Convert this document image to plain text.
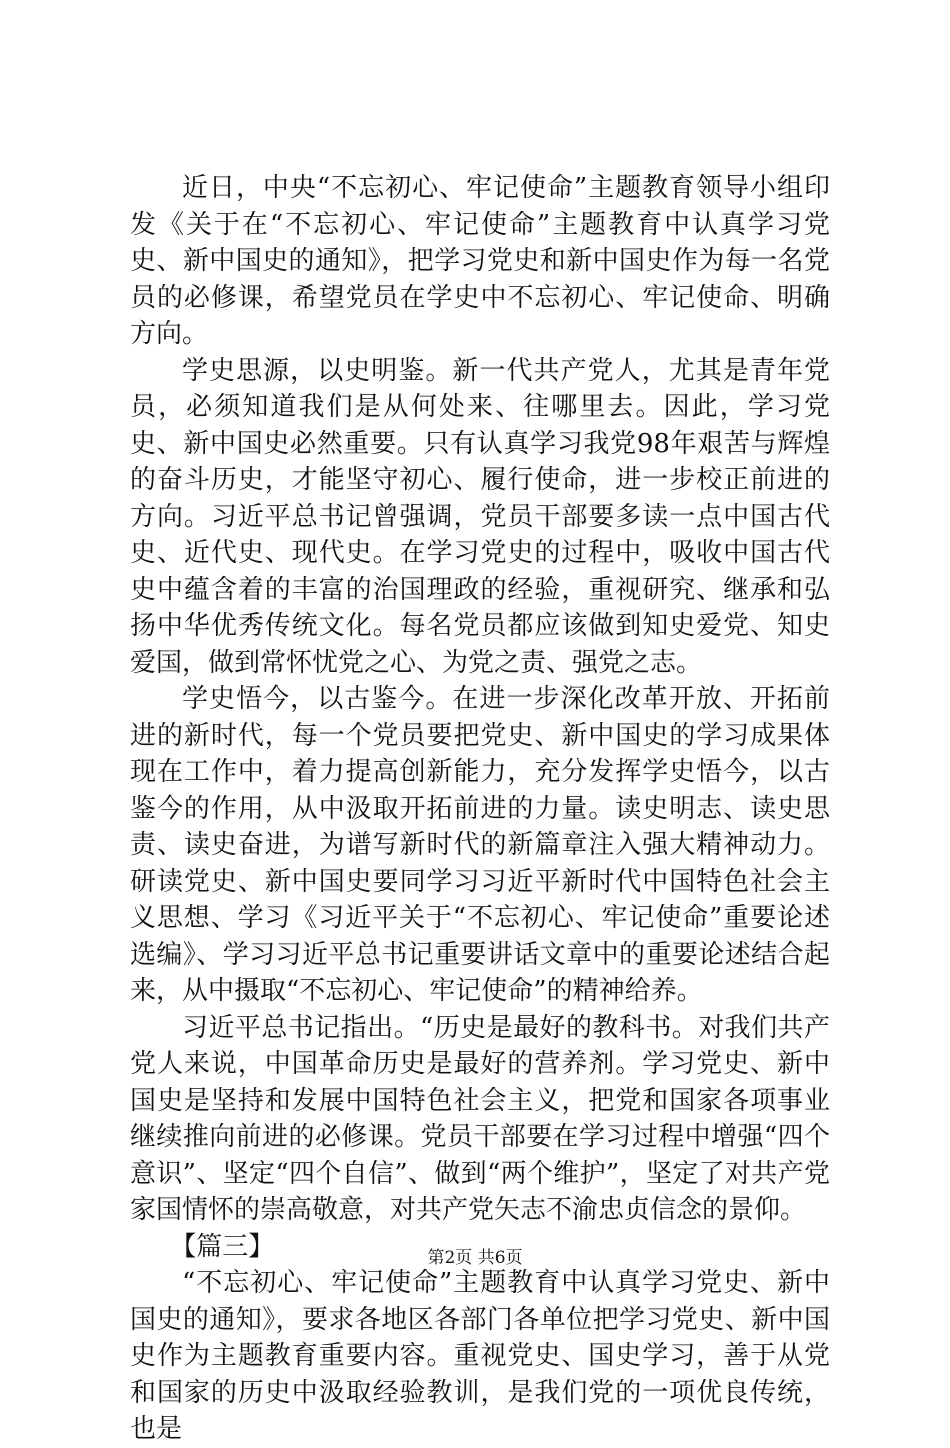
近日，中央“不忘初心、牢记使命”主题教育领导小组印发《关于在“不忘初心、牢记使命”主题教育中认真学习党史、新中国史的通知》，把学习党史和新中国史作为每一名党员的必修课，希望党员在学史中不忘初心、牢记使命、明确方向。

学史思源，以史明鉴。新一代共产党人，尤其是青年党员，必须知道我们是从何处来、往哪里去。因此，学习党史、新中国史必然重要。只有认真学习我党98年艰苦与辉煌的奋斗历史，才能坚守初心、履行使命，进一步校正前进的方向。习近平总书记曾强调，党员干部要多读一点中国古代史、近代史、现代史。在学习党史的过程中，吸收中国古代史中蕴含着的丰富的治国理政的经验，重视研究、继承和弘扬中华优秀传统文化。每名党员都应该做到知史爱党、知史爱国，做到常怀忧党之心、为党之责、强党之志。

学史悟今，以古鉴今。在进一步深化改革开放、开拓前进的新时代，每一个党员要把党史、新中国史的学习成果体现在工作中，着力提高创新能力，充分发挥学史悟今，以古鉴今的作用，从中汲取开拓前进的力量。读史明志、读史思责、读史奋进，为谱写新时代的新篇章注入强大精神动力。研读党史、新中国史要同学习习近平新时代中国特色社会主义思想、学习《习近平关于“不忘初心、牢记使命”重要论述选编》、学习习近平总书记重要讲话文章中的重要论述结合起来，从中摄取“不忘初心、牢记使命”的精神给养。

习近平总书记指出。“历史是最好的教科书。对我们共产党人来说，中国革命历史是最好的营养剂。学习党史、新中国史是坚持和发展中国特色社会主义，把党和国家各项事业继续推向前进的必修课。党员干部要在学习过程中增强“四个意识”、坚定“四个自信”、做到“两个维护”，坚定了对共产党家国情怀的崇高敬意，对共产党矢志不渝忠贞信念的景仰。

【篇三】

“不忘初心、牢记使命”主题教育中认真学习党史、新中国史的通知》，要求各地区各部门各单位把学习党史、新中国史作为主题教育重要内容。重视党史、国史学习，善于从党和国家的历史中汲取经验教训，是我们党的一项优良传统，也是

第2页 共6页
